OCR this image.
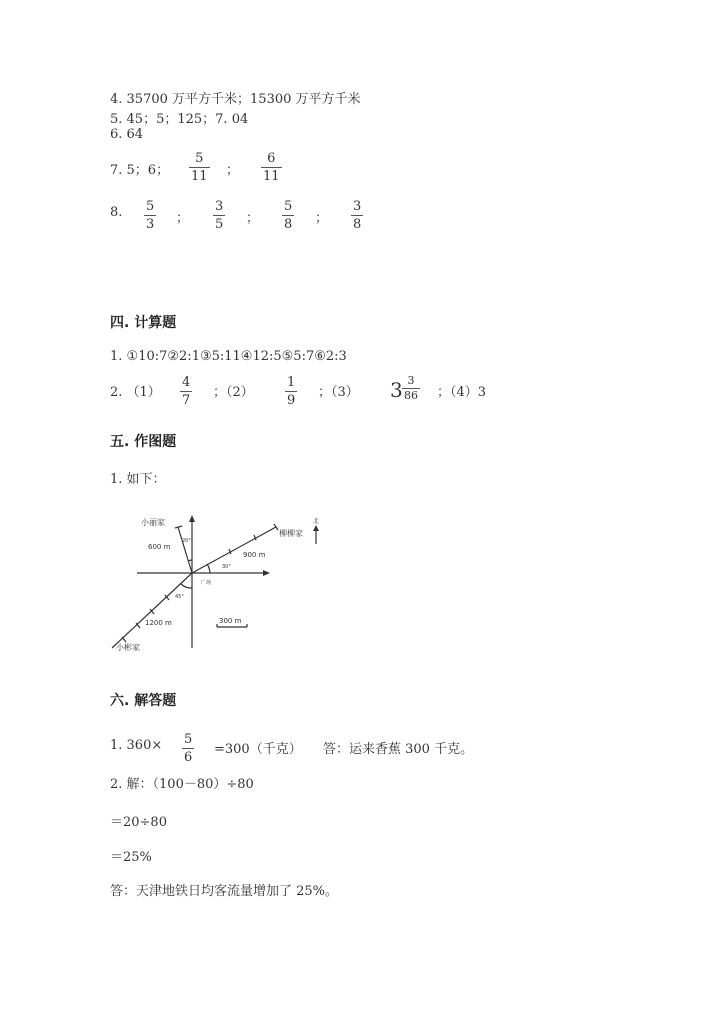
4. 35700 万平方千米；15300 万平方千米
5. 45；5；125；7. 04
6. 64
7. 5；6；
5
11 ；
6
11
8. 5
3 ；
3
5 ；
5
8 ；
3
8
四. 计算题
1. ①10:7②2:1③5:11④12:5⑤5:7⑥2:3
2. （1）
4
7
；（2）
1
9
；（3） 3 3
86 ；（4）3
五. 作图题
1. 如下：
北
小丽家
柳柳家
小彬家
广场
600 m
900 m
1200 m
20°
30°
45°
300 m
六. 解答题
1. 360× 5
6
=300（千克） 答：运来香蕉 300 千克。
2. 解：（100－80）÷80
＝20÷80
＝25%
答：天津地铁日均客流量增加了 25%。
